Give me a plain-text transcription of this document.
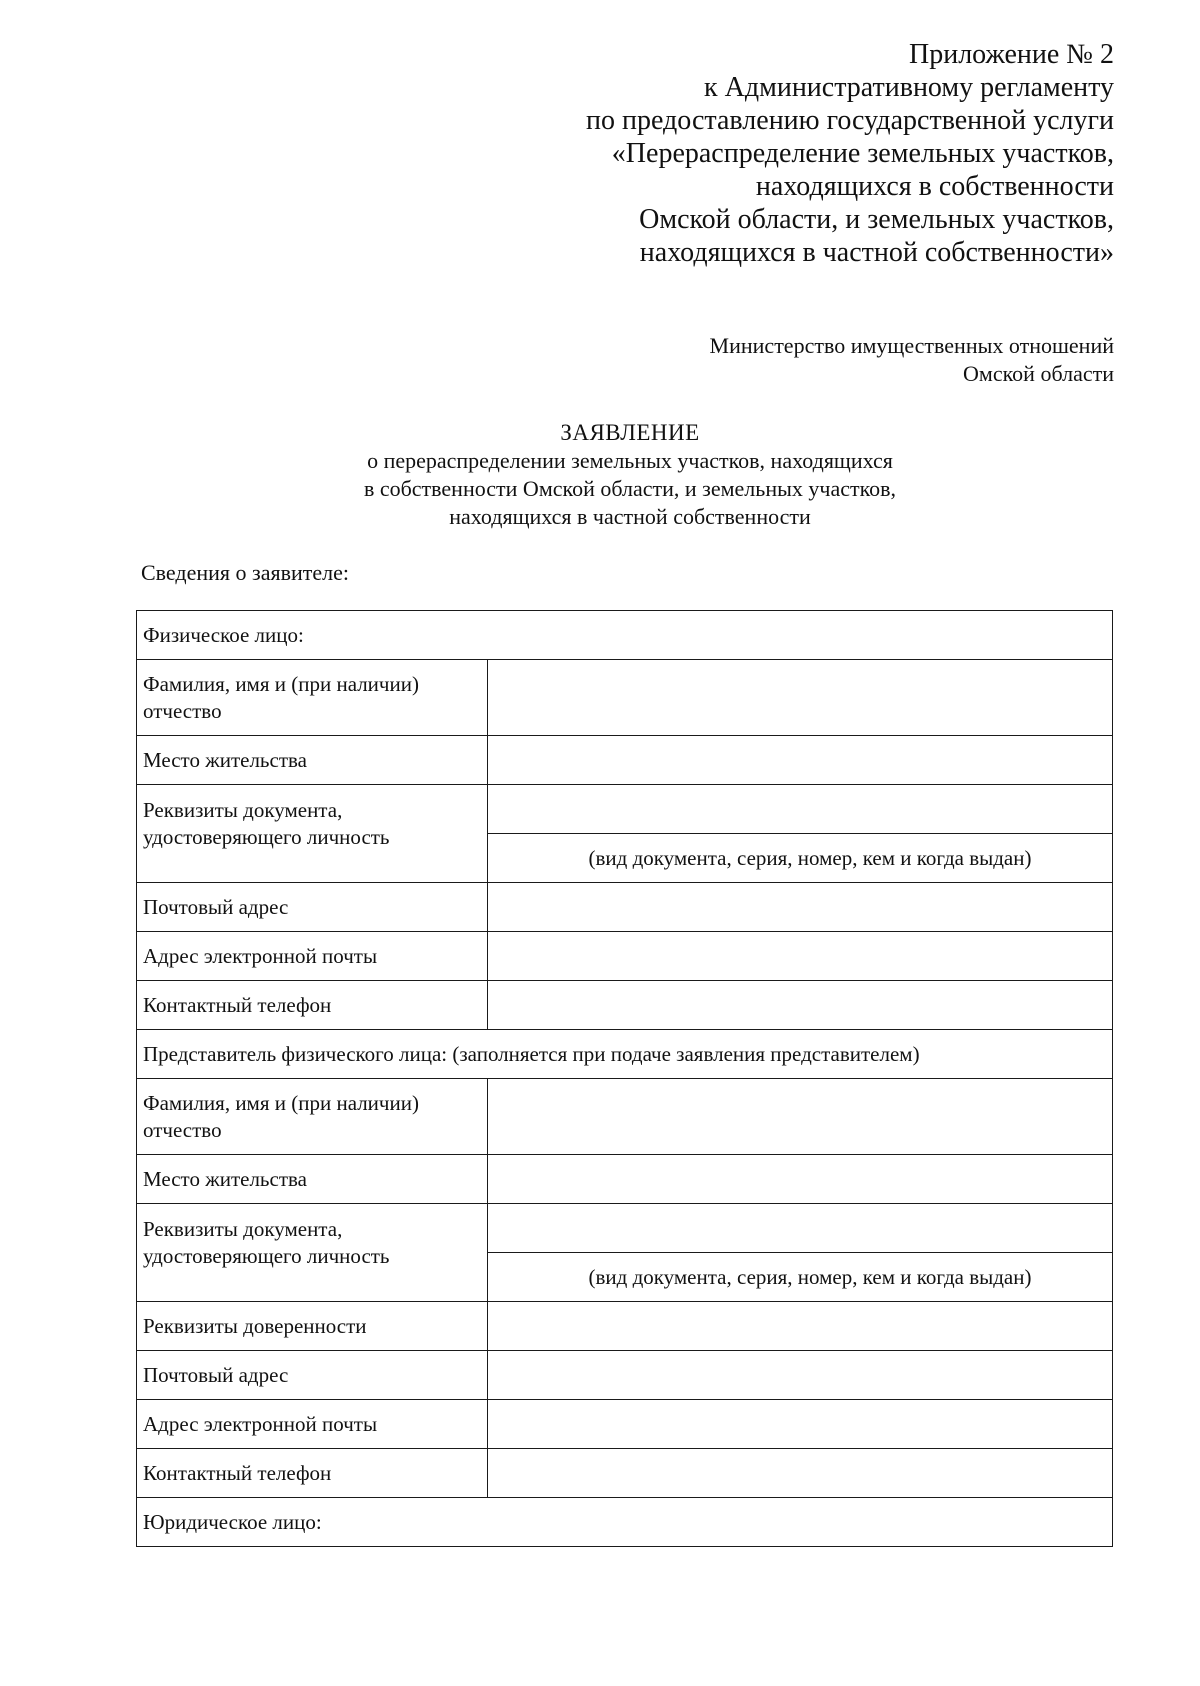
Приложение № 2
к Административному регламенту
по предоставлению государственной услуги
«Перераспределение земельных участков,
находящихся в собственности
Омской области, и земельных участков,
находящихся в частной собственности»
Министерство имущественных отношений
Омской области
ЗАЯВЛЕНИЕ
о перераспределении земельных участков, находящихся
в собственности Омской области, и земельных участков,
находящихся в частной собственности
Сведения о заявителе:
Физическое лицо:	

Фамилия, имя и (при наличии)
отчество	

Место жительства	

Реквизиты документа,
удостоверяющего личность	

	(вид документа, серия, номер, кем и когда выдан)
Почтовый адрес	
Адрес электронной почты	
Контактный телефон	
Представитель физического лица: (заполняется при подаче заявления представителем)	

Фамилия, имя и (при наличии)
отчество	

Место жительства	

Реквизиты документа,
удостоверяющего личность	

	(вид документа, серия, номер, кем и когда выдан)
Реквизиты доверенности	
Почтовый адрес	
Адрес электронной почты	
Контактный телефон	
Юридическое лицо:	
